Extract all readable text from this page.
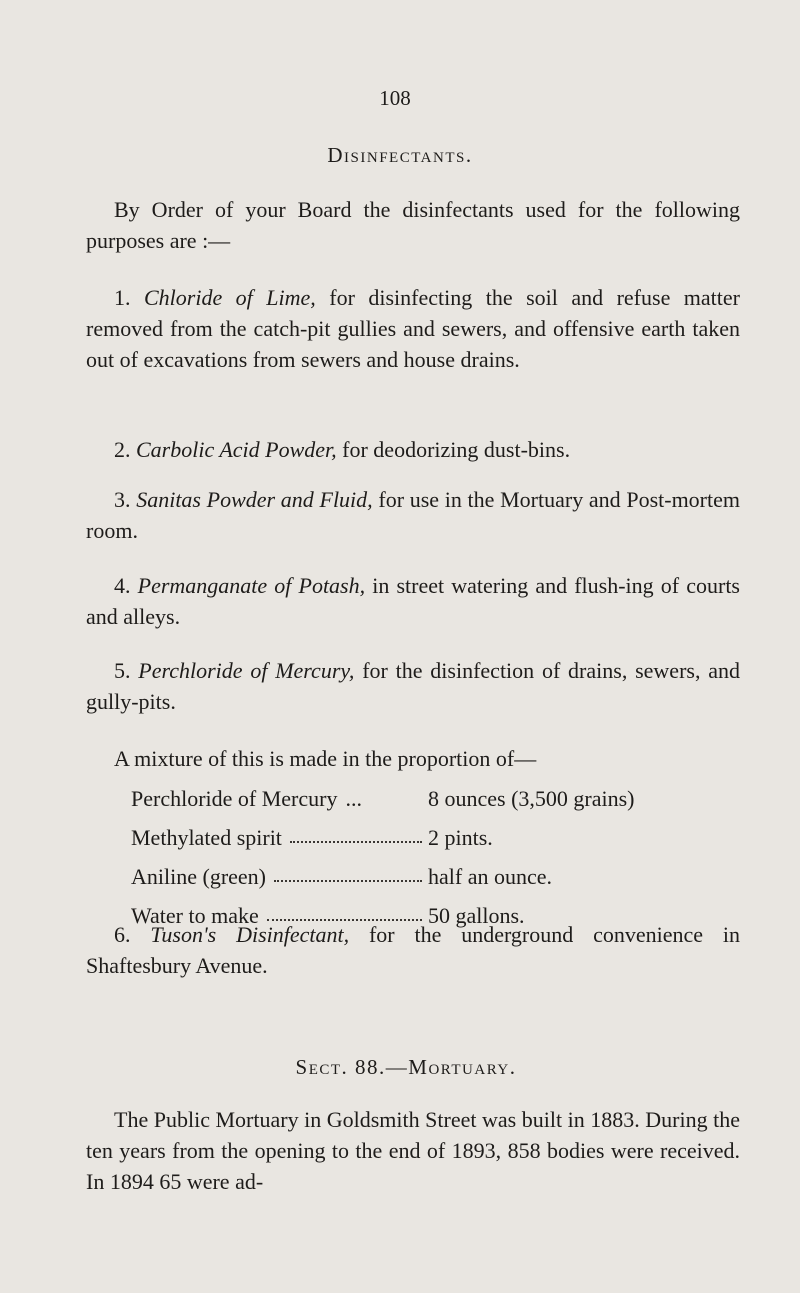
108
Disinfectants.

By Order of your Board the disinfectants used for the following purposes are :—

1. Chloride of Lime, for disinfecting the soil and refuse matter removed from the catch-pit gullies and sewers, and offensive earth taken out of excavations from sewers and house drains.

2. Carbolic Acid Powder, for deodorizing dust-bins.

3. Sanitas Powder and Fluid, for use in the Mortuary and Post-mortem room.

4. Permanganate of Potash, in street watering and flush-ing of courts and alleys.

5. Perchloride of Mercury, for the disinfection of drains, sewers, and gully-pits.

A mixture of this is made in the proportion of—

Perchloride of Mercury ...	8 ounces (3,500 grains)
Methylated spirit	2 pints.
Aniline (green)	half an ounce.
Water to make	50 gallons.

6. Tuson's Disinfectant, for the underground convenience in Shaftesbury Avenue.

Sect. 88.—Mortuary.

The Public Mortuary in Goldsmith Street was built in 1883. During the ten years from the opening to the end of 1893, 858 bodies were received. In 1894 65 were ad-
